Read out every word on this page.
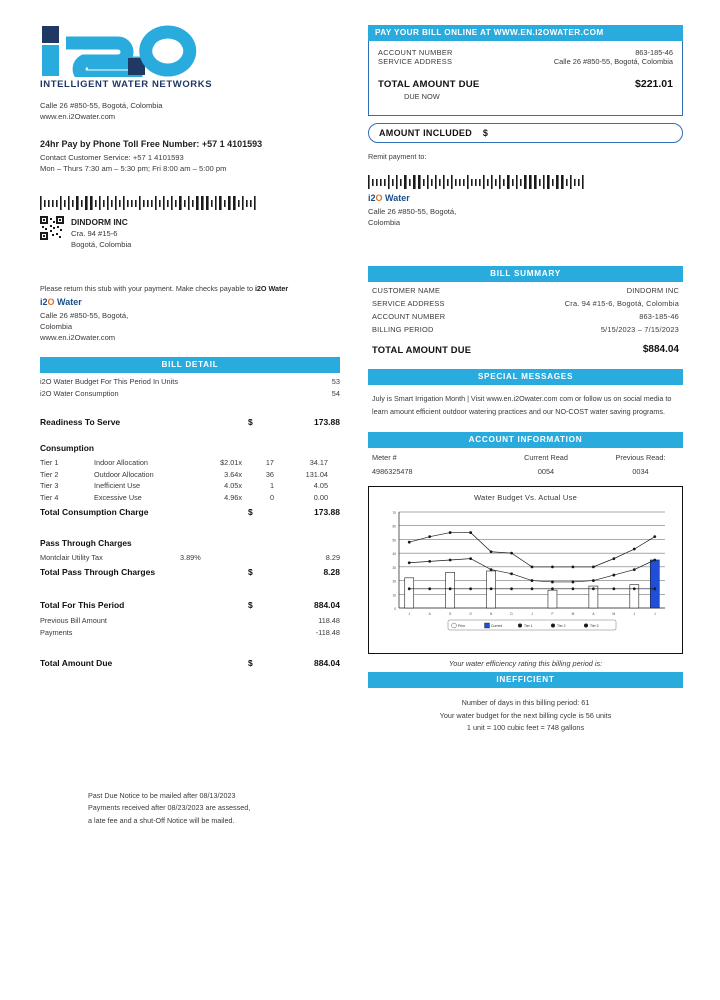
INTELLIGENT WATER NETWORKS
Calle 26 #850-55, Bogotá, Colombia
www.en.i2Owater.com
24hr Pay by Phone Toll Free Number: +57 1 4101593
Contact Customer Service: +57 1 4101593
Mon – Thurs 7:30 am – 5:30 pm; Fri 8:00 am – 5:00 pm
DINDORM INC
Cra. 94 #15-6
Bogotá, Colombia
Please return this stub with your payment. Make checks payable to i2O Water
i2O Water
Calle 26 #850-55, Bogotá,
Colombia
www.en.i2Owater.com
BILL DETAIL
i2O Water Budget For This Period In Units	53
i2O Water Consumption	54
Readiness To Serve	$	173.88
Consumption
Tier 1	Indoor Allocation	$2.01x	17	34.17
Tier 2	Outdoor Allocation	3.64x	36	131.04
Tier 3	Inefficient Use	4.05x	1	4.05
Tier 4	Excessive Use	4.96x	0	0.00
Total Consumption Charge	$	173.88
Pass Through Charges
Montclair Utility Tax	3.89%	8.29
Total Pass Through Charges	$	8.28
Total For This Period	$	884.04
Previous Bill Amount	118.48
Payments	-118.48
Total Amount Due	$	884.04
PAY YOUR BILL ONLINE AT WWW.EN.I2OWATER.COM
ACCOUNT NUMBER	863-185-46
SERVICE ADDRESS	Calle 26 #850-55, Bogotá, Colombia
TOTAL AMOUNT DUE	$221.01
DUE NOW
AMOUNT INCLUDED $
Remit payment to:
i2O Water
Calle 26 #850-55, Bogotá,
Colombia
BILL SUMMARY
CUSTOMER NAME	DINDORM INC
SERVICE ADDRESS	Cra. 94 #15-6, Bogotá, Colombia
ACCOUNT NUMBER	863-185-46
BILLING PERIOD	5/15/2023 – 7/15/2023
TOTAL AMOUNT DUE	$884.04
SPECIAL MESSAGES
July is Smart Irrigation Month | Visit www.en.i2Owater.com com or follow us on social media to learn amount efficient outdoor watering practices and our NO-COST water saving programs.
ACCOUNT INFORMATION
Meter #	Current Read	Previous Read:
4986325478	0054	0034
Water Budget Vs. Actual Use
0
10
20
30
40
50
60
70
J	A	S	O	N	D	J	F	M	A	M	J	J
Prior	Current	Tier 1	Tier 2	Tier 3
Your water efficiency rating this billing period is:
INEFFICIENT
Number of days in this billing period: 61
Your water budget for the next billing cycle is 56 units
1 unit = 100 cubic feet = 748 gallons
Past Due Notice to be mailed after 08/13/2023
Payments received after 08/23/2023 are assessed,
a late fee and a shut-Off Notice will be mailed.
